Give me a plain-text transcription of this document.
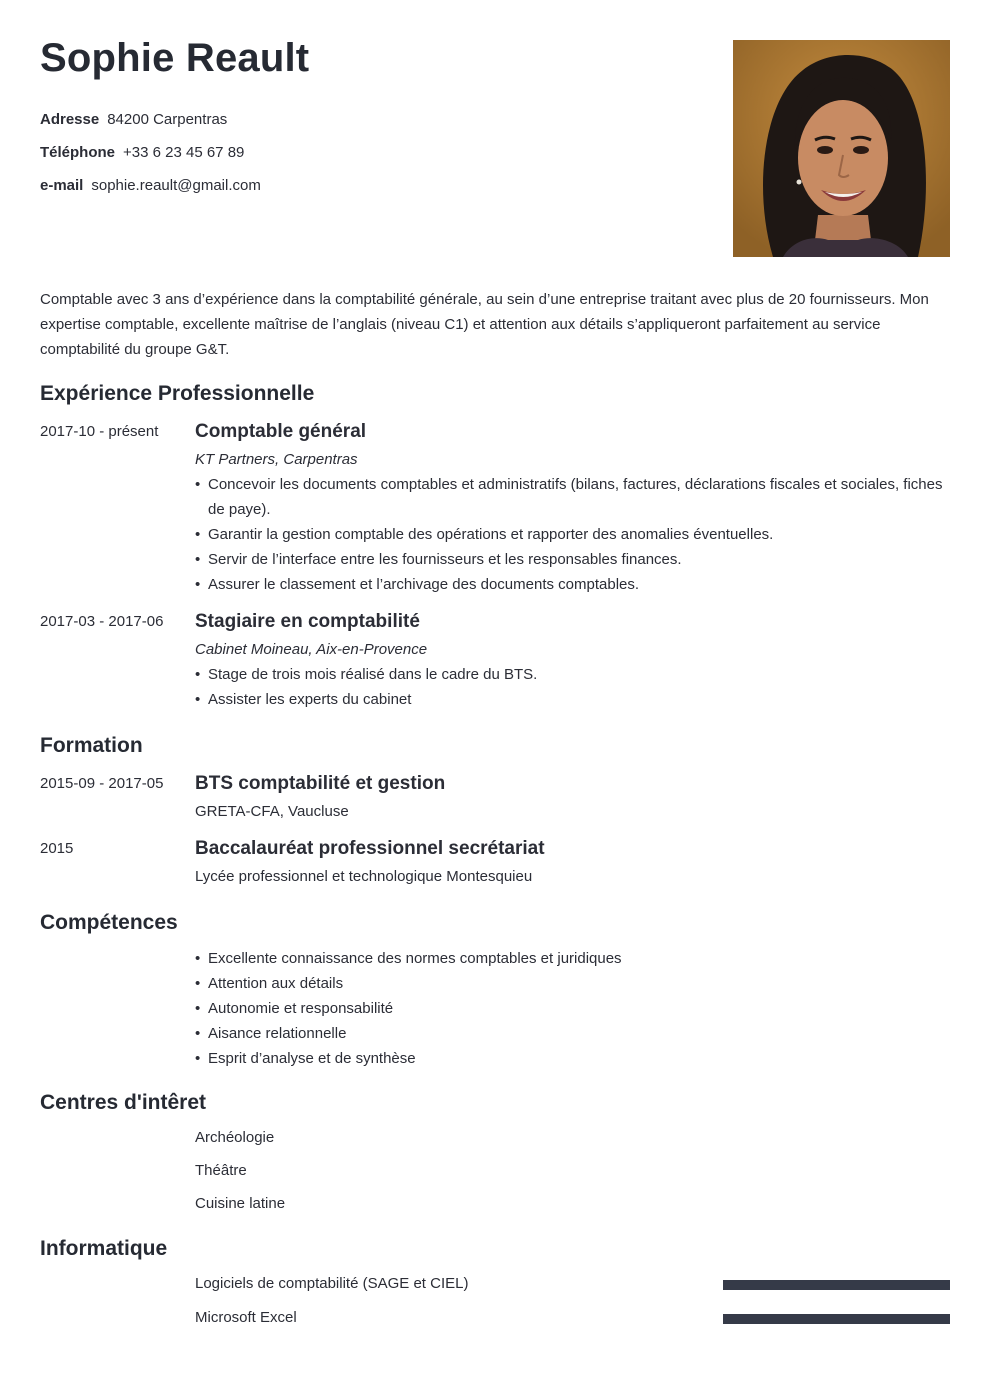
Sophie Reault
Adresse 84200 Carpentras
Téléphone +33 6 23 45 67 89
e-mail sophie.reault@gmail.com

Comptable avec 3 ans d’expérience dans la comptabilité générale, au sein d’une entreprise traitant avec plus de 20 fournisseurs. Mon expertise comptable, excellente maîtrise de l’anglais (niveau C1) et attention aux détails s’appliqueront parfaitement au service comptabilité du groupe G&T.

Expérience Professionnelle
2017-10 - présent Comptable général
KT Partners, Carpentras
• Concevoir les documents comptables et administratifs (bilans, factures, déclarations fiscales et sociales, fiches de paye).
• Garantir la gestion comptable des opérations et rapporter des anomalies éventuelles.
• Servir de l’interface entre les fournisseurs et les responsables finances.
• Assurer le classement et l’archivage des documents comptables.
2017-03 - 2017-06 Stagiaire en comptabilité
Cabinet Moineau, Aix-en-Provence
• Stage de trois mois réalisé dans le cadre du BTS.
• Assister les experts du cabinet
Formation
2015-09 - 2017-05 BTS comptabilité et gestion
GRETA-CFA, Vaucluse
2015	Baccalauréat professionnel secrétariat
Lycée professionnel et technologique Montesquieu
Compétences
• Excellente connaissance des normes comptables et juridiques
• Attention aux détails
• Autonomie et responsabilité
• Aisance relationnelle
• Esprit d’analyse et de synthèse
Centres d'intêret
Archéologie
Théâtre
Cuisine latine
Informatique
Logiciels de comptabilité (SAGE et CIEL)
Microsoft Excel
